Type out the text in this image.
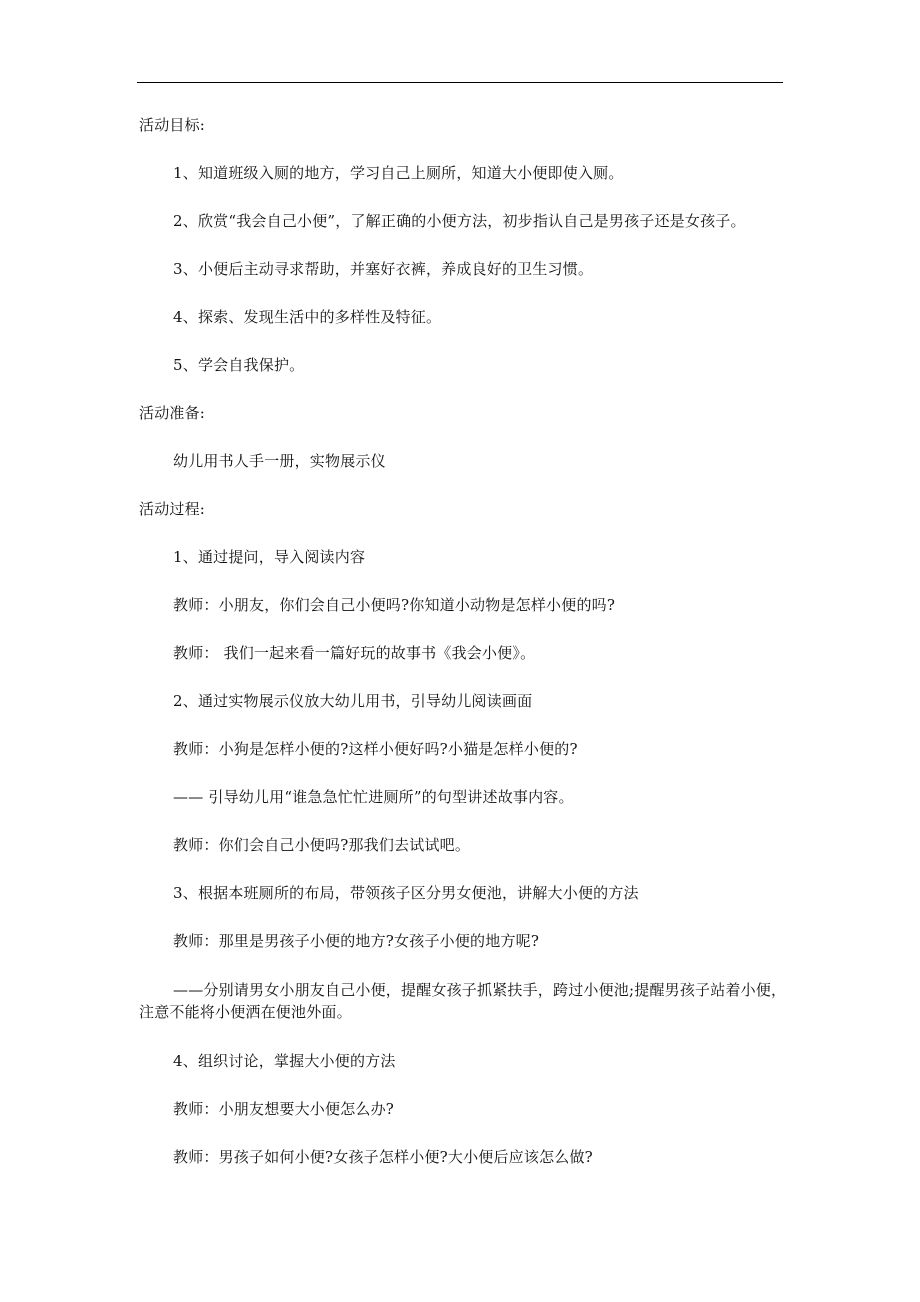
活动目标:
1、知道班级入厕的地方，学习自己上厕所，知道大小便即使入厕。
2、欣赏“我会自己小便”，了解正确的小便方法，初步指认自己是男孩子还是女孩子。
3、小便后主动寻求帮助，并塞好衣裤，养成良好的卫生习惯。
4、探索、发现生活中的多样性及特征。
5、学会自我保护。
活动准备:
幼儿用书人手一册，实物展示仪
活动过程:
1、通过提问，导入阅读内容
教师：小朋友，你们会自己小便吗?你知道小动物是怎样小便的吗?
教师： 我们一起来看一篇好玩的故事书《我会小便》。
2、通过实物展示仪放大幼儿用书，引导幼儿阅读画面
教师：小狗是怎样小便的?这样小便好吗?小猫是怎样小便的?
—— 引导幼儿用“谁急急忙忙进厕所”的句型讲述故事内容。
教师：你们会自己小便吗?那我们去试试吧。
3、根据本班厕所的布局，带领孩子区分男女便池，讲解大小便的方法
教师：那里是男孩子小便的地方?女孩子小便的地方呢?
——分别请男女小朋友自己小便，提醒女孩子抓紧扶手，跨过小便池;提醒男孩子站着小便，注意不能将小便洒在便池外面。
4、组织讨论，掌握大小便的方法
教师：小朋友想要大小便怎么办?
教师：男孩子如何小便?女孩子怎样小便?大小便后应该怎么做?
